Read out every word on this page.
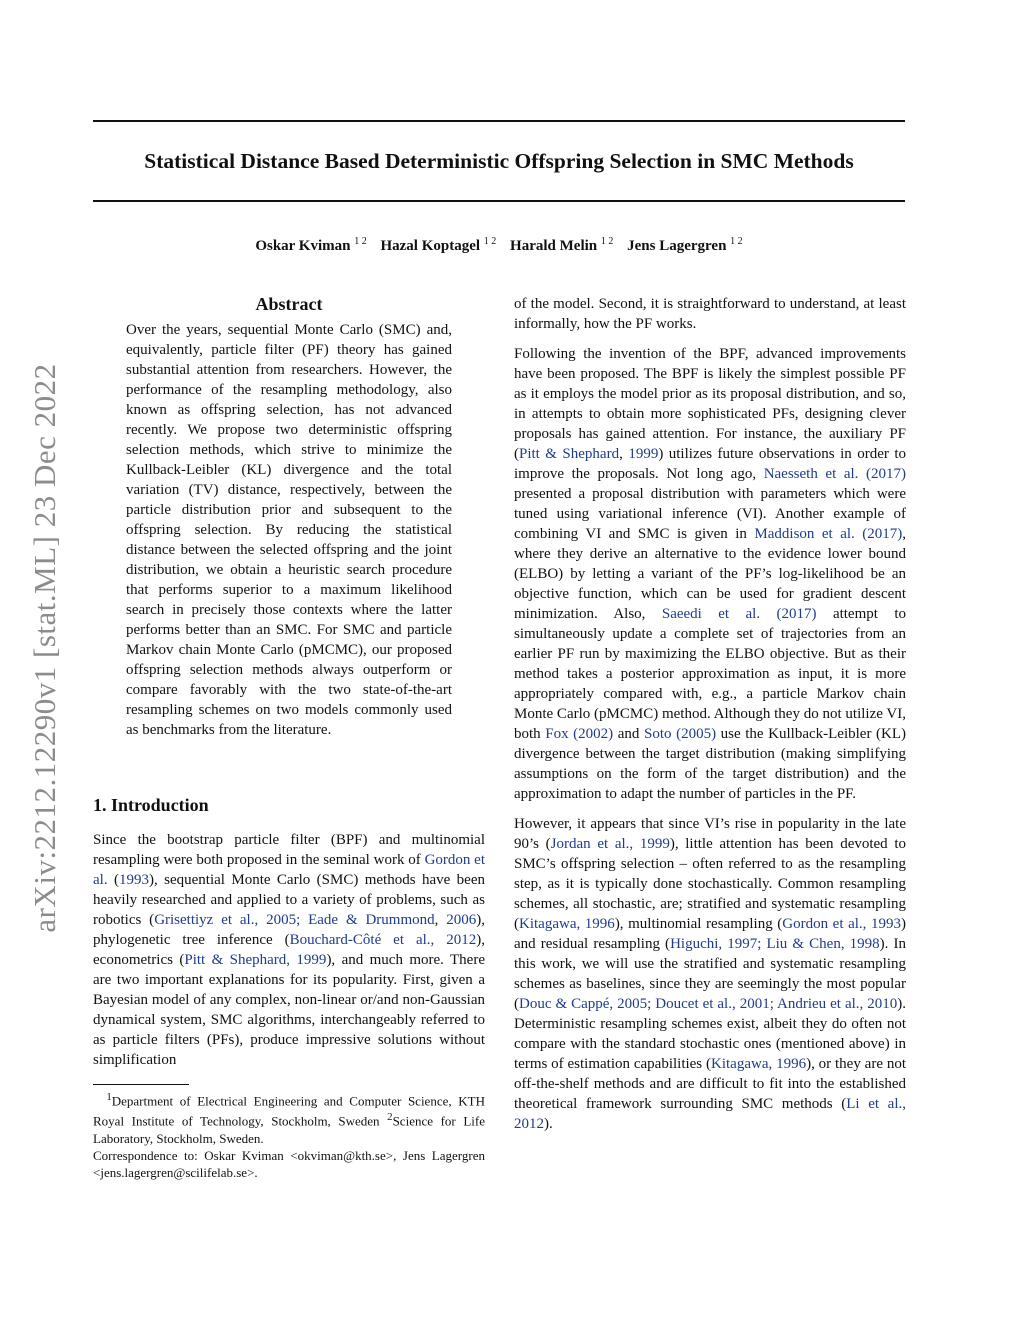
Statistical Distance Based Deterministic Offspring Selection in SMC Methods
Oskar Kviman $^{1 2}$ Hazal Koptagel $^{1 2}$ Harald Melin $^{1 2}$ Jens Lagergren $^{1 2}$
arXiv:2212.12290v1 [stat.ML] 23 Dec 2022
Abstract
Over the years, sequential Monte Carlo (SMC) and, equivalently, particle filter (PF) theory has gained substantial attention from researchers. However, the performance of the resampling methodology, also known as offspring selection, has not advanced recently. We propose two deterministic offspring selection methods, which strive to minimize the Kullback-Leibler (KL) divergence and the total variation (TV) distance, respectively, between the particle distribution prior and subsequent to the offspring selection. By reducing the statistical distance between the selected offspring and the joint distribution, we obtain a heuristic search procedure that performs superior to a maximum likelihood search in precisely those contexts where the latter performs better than an SMC. For SMC and particle Markov chain Monte Carlo (pMCMC), our proposed offspring selection methods always outperform or compare favorably with the two state-of-the-art resampling schemes on two models commonly used as benchmarks from the literature.
1. Introduction

Since the bootstrap particle filter (BPF) and multinomial resampling were both proposed in the seminal work of Gordon et al. (1993), sequential Monte Carlo (SMC) methods have been heavily researched and applied to a variety of problems, such as robotics (Grisettiyz et al., 2005; Eade & Drummond, 2006), phylogenetic tree inference (Bouchard-Côté et al., 2012), econometrics (Pitt & Shephard, 1999), and much more. There are two important explanations for its popularity. First, given a Bayesian model of any complex, non-linear or/and non-Gaussian dynamical system, SMC algorithms, interchangeably referred to as particle filters (PFs), produce impressive solutions without simplification

$^1$Department of Electrical Engineering and Computer Science, KTH Royal Institute of Technology, Stockholm, Sweden $^2$Science for Life Laboratory, Stockholm, Sweden.

Correspondence to: Oskar Kviman <okviman@kth.se>, Jens Lagergren <jens.lagergren@scilifelab.se>.

of the model. Second, it is straightforward to understand, at least informally, how the PF works.

Following the invention of the BPF, advanced improvements have been proposed. The BPF is likely the simplest possible PF as it employs the model prior as its proposal distribution, and so, in attempts to obtain more sophisticated PFs, designing clever proposals has gained attention. For instance, the auxiliary PF (Pitt & Shephard, 1999) utilizes future observations in order to improve the proposals. Not long ago, Naesseth et al. (2017) presented a proposal distribution with parameters which were tuned using variational inference (VI). Another example of combining VI and SMC is given in Maddison et al. (2017), where they derive an alternative to the evidence lower bound (ELBO) by letting a variant of the PF’s log-likelihood be an objective function, which can be used for gradient descent minimization. Also, Saeedi et al. (2017) attempt to simultaneously update a complete set of trajectories from an earlier PF run by maximizing the ELBO objective. But as their method takes a posterior approximation as input, it is more appropriately compared with, e.g., a particle Markov chain Monte Carlo (pMCMC) method. Although they do not utilize VI, both Fox (2002) and Soto (2005) use the Kullback-Leibler (KL) divergence between the target distribution (making simplifying assumptions on the form of the target distribution) and the approximation to adapt the number of particles in the PF.

However, it appears that since VI’s rise in popularity in the late 90’s (Jordan et al., 1999), little attention has been devoted to SMC’s offspring selection – often referred to as the resampling step, as it is typically done stochastically. Common resampling schemes, all stochastic, are; stratified and systematic resampling (Kitagawa, 1996), multinomial resampling (Gordon et al., 1993) and residual resampling (Higuchi, 1997; Liu & Chen, 1998). In this work, we will use the stratified and systematic resampling schemes as baselines, since they are seemingly the most popular (Douc & Cappé, 2005; Doucet et al., 2001; Andrieu et al., 2010). Deterministic resampling schemes exist, albeit they do often not compare with the standard stochastic ones (mentioned above) in terms of estimation capabilities (Kitagawa, 1996), or they are not off-the-shelf methods and are difficult to fit into the established theoretical framework surrounding SMC methods (Li et al., 2012).
